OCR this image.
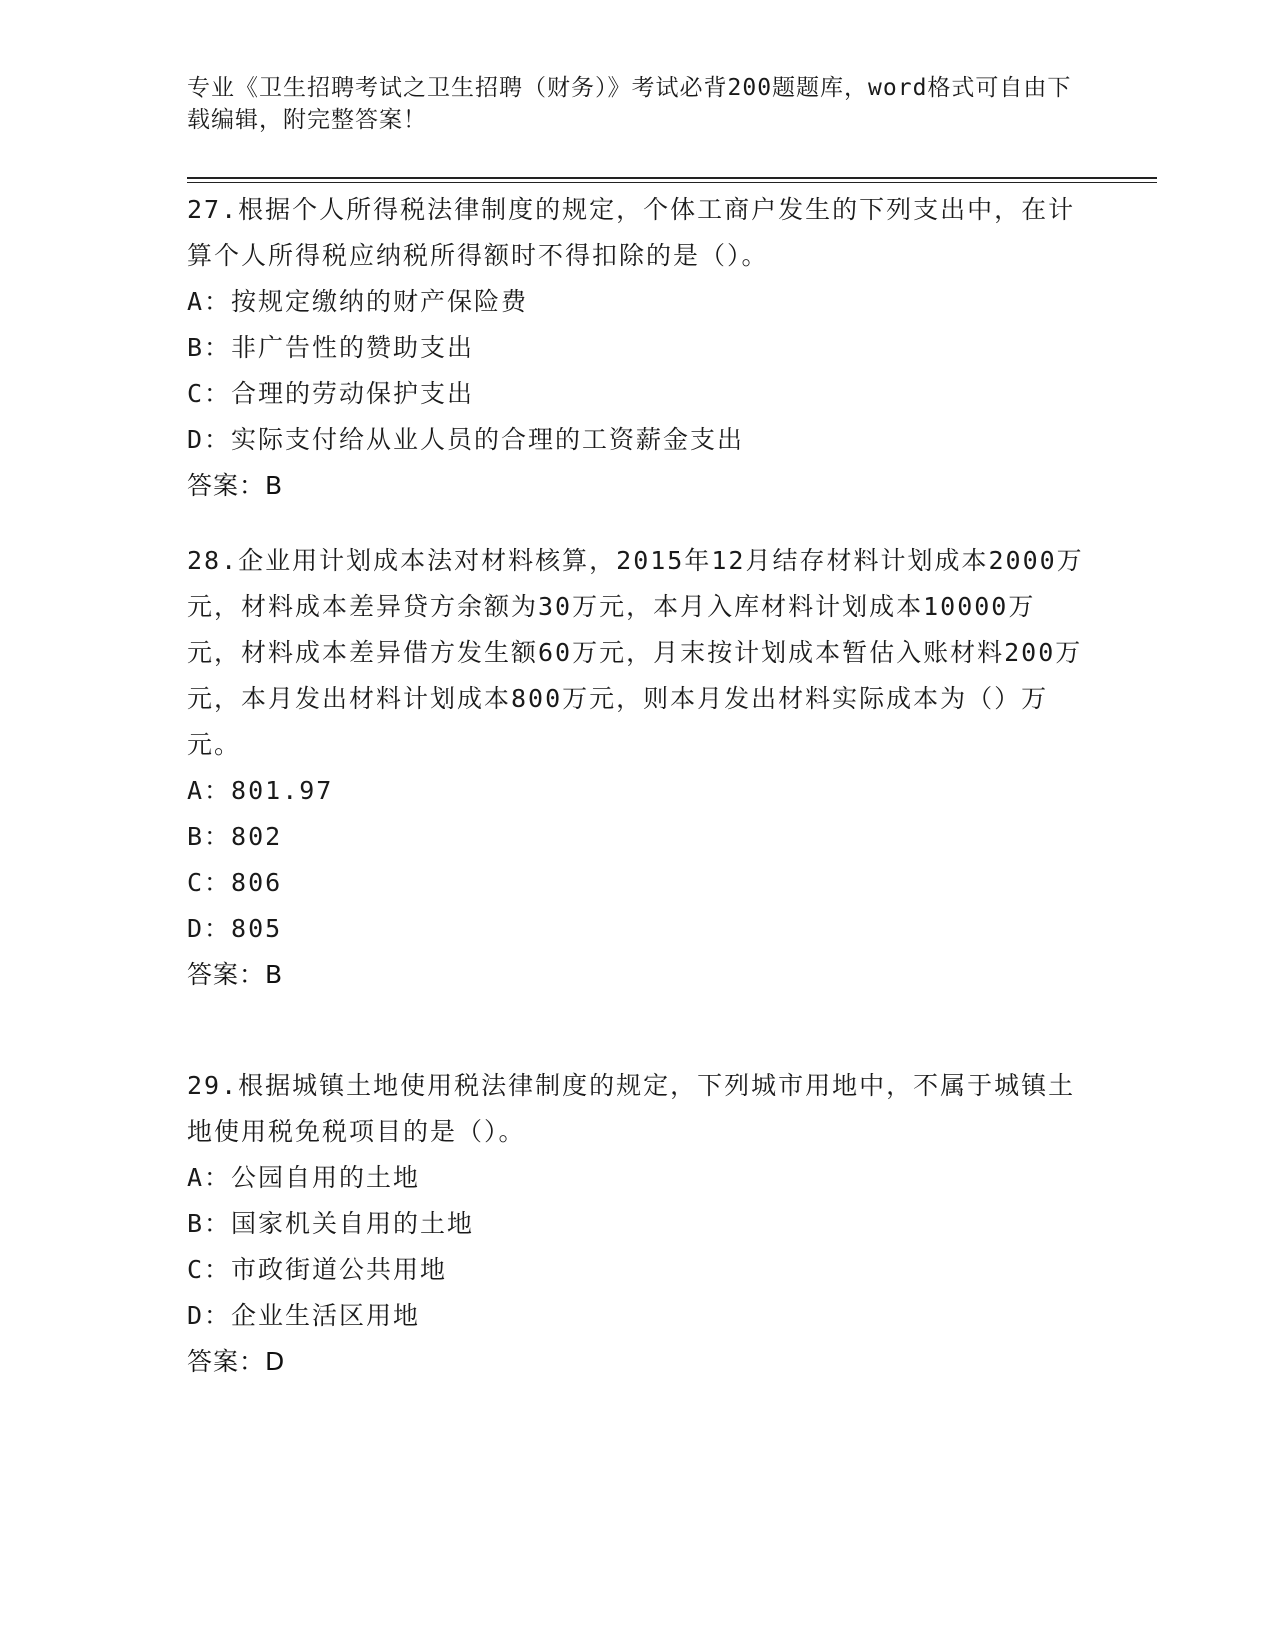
专业《卫生招聘考试之卫生招聘（财务）》考试必背200题题库，word格式可自由下载编辑，附完整答案！
27.根据个人所得税法律制度的规定，个体工商户发生的下列支出中，在计算个人所得税应纳税所得额时不得扣除的是（）。
A：按规定缴纳的财产保险费
B：非广告性的赞助支出
C：合理的劳动保护支出
D：实际支付给从业人员的合理的工资薪金支出
答案：B
28.企业用计划成本法对材料核算，2015年12月结存材料计划成本2000万元，材料成本差异贷方余额为30万元，本月入库材料计划成本10000万元，材料成本差异借方发生额60万元，月末按计划成本暂估入账材料200万元，本月发出材料计划成本800万元，则本月发出材料实际成本为（）万元。
A：801.97
B：802
C：806
D：805
答案：B
29.根据城镇土地使用税法律制度的规定，下列城市用地中，不属于城镇土地使用税免税项目的是（）。
A：公园自用的土地
B：国家机关自用的土地
C：市政街道公共用地
D：企业生活区用地
答案：D
